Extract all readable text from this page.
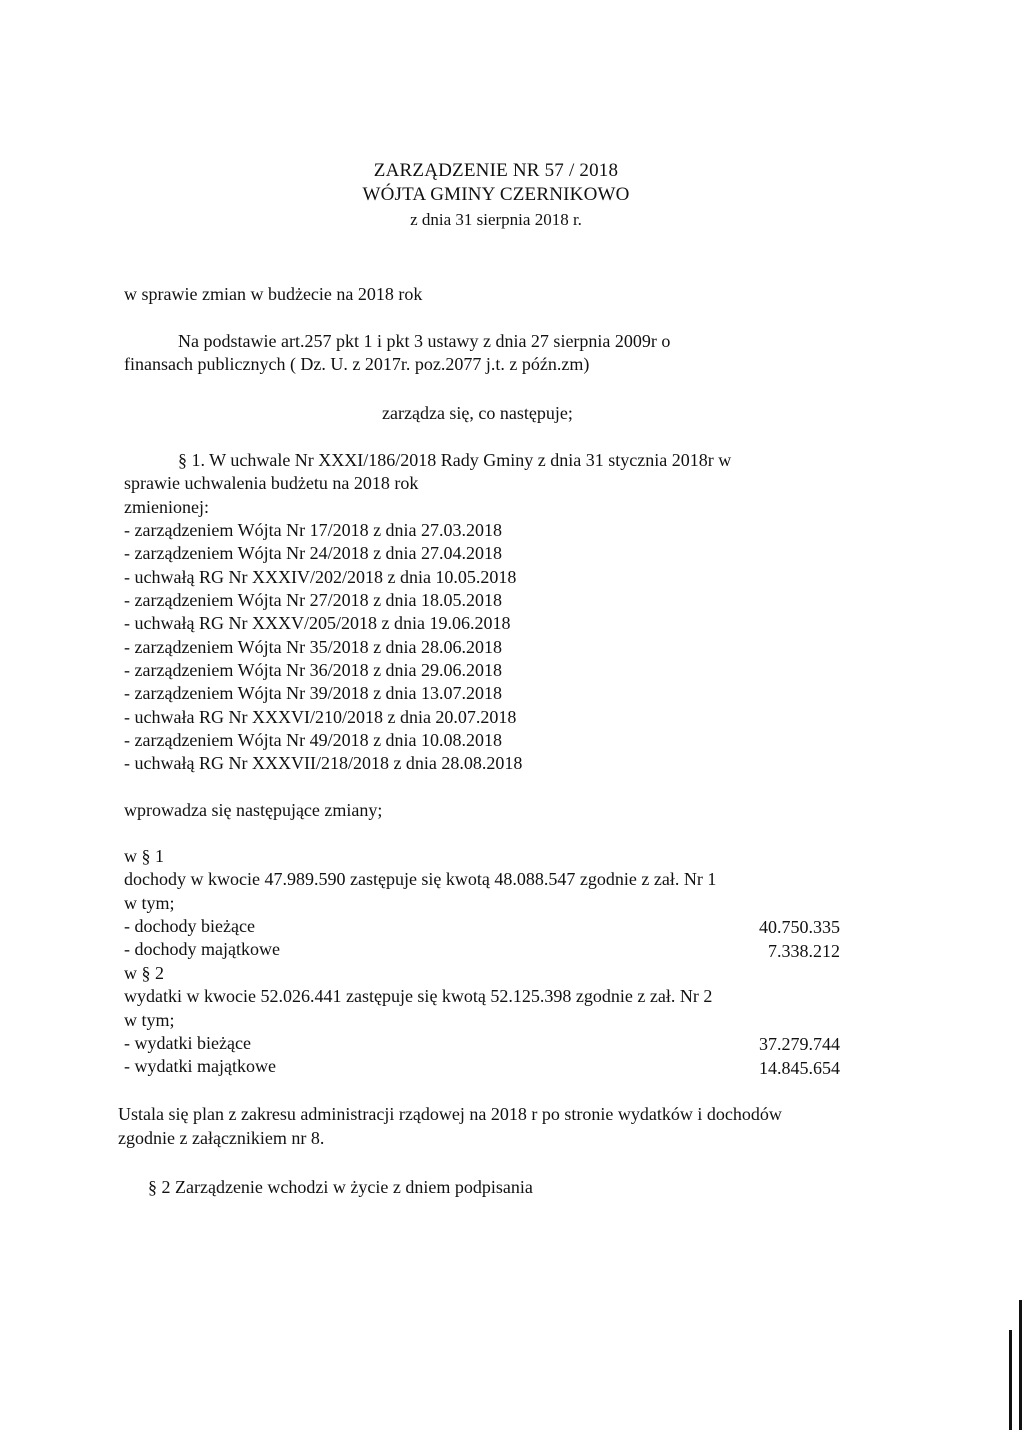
ZARZĄDZENIE NR 57 / 2018
WÓJTA GMINY CZERNIKOWO
z dnia 31 sierpnia 2018 r.
w sprawie zmian w budżecie na 2018 rok
Na podstawie art.257 pkt 1 i pkt 3 ustawy z dnia 27 sierpnia 2009r o
finansach publicznych ( Dz. U. z 2017r. poz.2077 j.t. z późn.zm)
zarządza się, co następuje;
§ 1. W uchwale Nr XXXI/186/2018 Rady Gminy z dnia 31 stycznia 2018r w
sprawie uchwalenia budżetu na 2018 rok
zmienionej:
- zarządzeniem Wójta Nr 17/2018 z dnia 27.03.2018
- zarządzeniem Wójta Nr 24/2018 z dnia 27.04.2018
- uchwałą RG Nr XXXIV/202/2018 z dnia 10.05.2018
- zarządzeniem Wójta Nr 27/2018 z dnia 18.05.2018
- uchwałą RG Nr XXXV/205/2018 z dnia 19.06.2018
- zarządzeniem Wójta Nr 35/2018 z dnia 28.06.2018
- zarządzeniem Wójta Nr 36/2018 z dnia 29.06.2018
- zarządzeniem Wójta Nr 39/2018 z dnia 13.07.2018
- uchwała RG Nr XXXVI/210/2018 z dnia 20.07.2018
- zarządzeniem Wójta Nr 49/2018 z dnia 10.08.2018
- uchwałą RG Nr XXXVII/218/2018 z dnia 28.08.2018
wprowadza się następujące zmiany;
w § 1
dochody w kwocie 47.989.590 zastępuje się kwotą 48.088.547 zgodnie z zał. Nr 1
w tym;
- dochody bieżące	40.750.335
- dochody majątkowe	7.338.212
w § 2
wydatki w kwocie 52.026.441 zastępuje się kwotą 52.125.398 zgodnie z zał. Nr 2
w tym;
- wydatki bieżące	37.279.744
- wydatki majątkowe	14.845.654
Ustala się plan z zakresu administracji rządowej na 2018 r po stronie wydatków i dochodów
zgodnie z załącznikiem nr 8.
§ 2 Zarządzenie wchodzi w życie z dniem podpisania
